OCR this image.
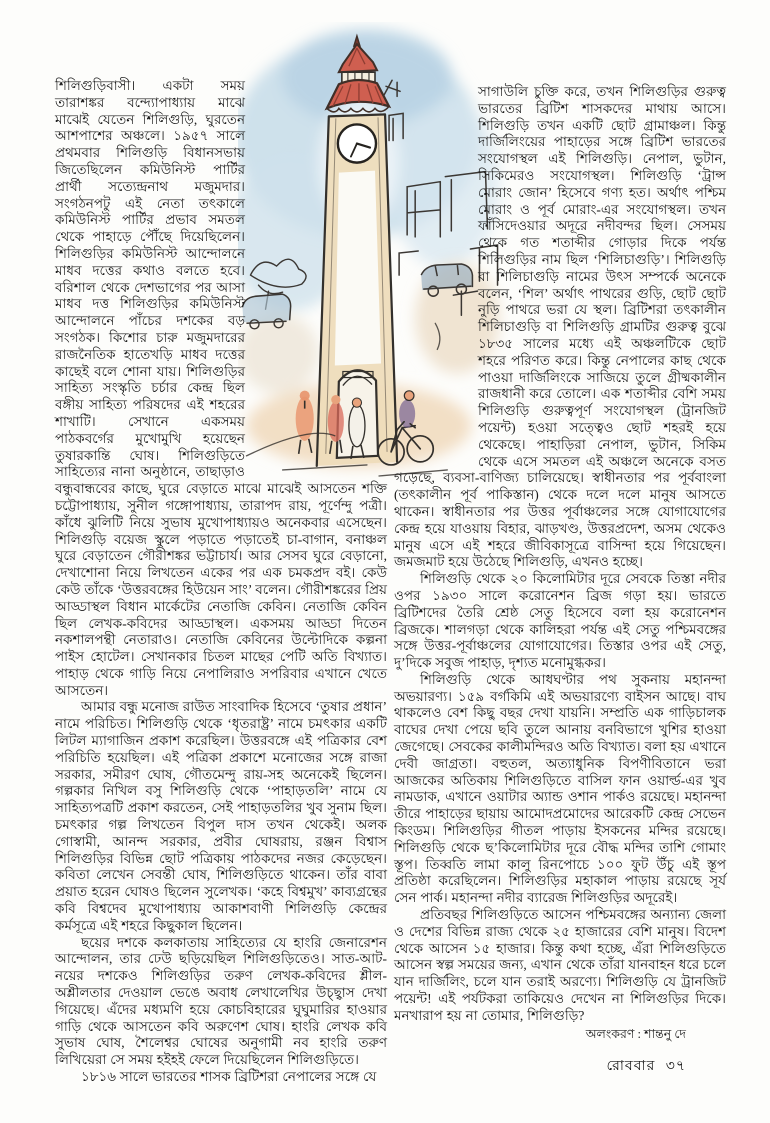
শিলিগুড়িবাসী। একটা সময় তারাশঙ্কর বন্দ্যোপাধ্যায় মাঝে মাঝেই যেতেন শিলিগুড়ি, ঘুরতেন আশপাশের অঞ্চলে। ১৯৫৭ সালে প্রথমবার শিলিগুড়ি বিধানসভায় জিতেছিলেন কমিউনিস্ট পার্টির প্রার্থী সত্যেন্দ্রনাথ মজুমদার। সংগঠনপটু এই নেতা তৎকালে কমিউনিস্ট পার্টির প্রভাব সমতল থেকে পাহাড়ে পৌঁছে দিয়েছিলেন। শিলিগুড়ির কমিউনিস্ট আন্দোলনে মাধব দত্তের কথাও বলতে হবে। বরিশাল থেকে দেশভাগের পর আসা মাধব দত্ত শিলিগুড়ির কমিউনিস্ট আন্দোলনে পাঁচের দশকের বড় সংগঠক। কিশোর চারু মজুমদারের রাজনৈতিক হাতেখড়ি মাধব দত্তের কাছেই বলে শোনা যায়। শিলিগুড়ির সাহিত্য সংস্কৃতি চর্চার কেন্দ্র ছিল বঙ্গীয় সাহিত্য পরিষদের এই শহরের শাখাটি। সেখানে একসময় পাঠকবর্গের মুখোমুখি হয়েছেন তুষারকান্তি ঘোষ। শিলিগুড়িতে সাহিত্যের নানা অনুষ্ঠানে, তাছাড়াও বন্ধুবান্ধবের কাছে, ঘুরে বেড়াতে মাঝে মাঝেই আসতেন শক্তি চট্টোপাধ্যায়, সুনীল গঙ্গোপাধ্যায়, তারাপদ রায়, পূর্ণেন্দু পত্রী। কাঁধে ঝুলিটি নিয়ে সুভাষ মুখোপাধ্যায়ও অনেকবার এসেছেন। শিলিগুড়ি বয়েজ স্কুলে পড়াতে পড়াতেই চা-বাগান, বনাঞ্চল ঘুরে বেড়াতেন গৌরীশঙ্কর ভট্টাচার্য। আর সেসব ঘুরে বেড়ানো, দেখাশোনা নিয়ে লিখতেন একের পর এক চমকপ্রদ বই। কেউ কেউ তাঁকে ‘উত্তরবঙ্গের হিউয়েন সাং’ বলেন। গৌরীশঙ্করের প্রিয় আড্ডাস্থল বিধান মার্কেটের নেতাজি কেবিন। নেতাজি কেবিন ছিল লেখক-কবিদের আড্ডাস্থল। একসময় আড্ডা দিতেন নকশালপন্থী নেতারাও। নেতাজি কেবিনের উল্টোদিকে কল্পনা পাইস হোটেল। সেখানকার চিতল মাছের পেটি অতি বিখ্যাত। পাহাড় থেকে গাড়ি নিয়ে নেপালিরাও সপরিবার এখানে খেতে আসতেন।

আমার বন্ধু মনোজ রাউত সাংবাদিক হিসেবে ‘তুষার প্রধান’ নামে পরিচিত। শিলিগুড়ি থেকে ‘ধৃতরাষ্ট্র’ নামে চমৎকার একটি লিটল ম্যাগাজিন প্রকাশ করেছিল। উত্তরবঙ্গে এই পত্রিকার বেশ পরিচিতি হয়েছিল। এই পত্রিকা প্রকাশে মনোজের সঙ্গে রাজা সরকার, সমীরণ ঘোষ, গৌতমেন্দু রায়-সহ অনেকেই ছিলেন। গল্পকার নিখিল বসু শিলিগুড়ি থেকে ‘পাহাড়তলি’ নামে যে সাহিত্যপত্রটি প্রকাশ করতেন, সেই পাহাড়তলির খুব সুনাম ছিল। চমৎকার গল্প লিখতেন বিপুল দাস তখন থেকেই। অলক গোস্বামী, আনন্দ সরকার, প্রবীর ঘোষরায়, রঞ্জন বিশ্বাস শিলিগুড়ির বিভিন্ন ছোট পত্রিকায় পাঠকদের নজর কেড়েছেন। কবিতা লেখেন সেবন্তী ঘোষ, শিলিগুড়িতে থাকেন। তাঁর বাবা প্রয়াত হরেন ঘোষও ছিলেন সুলেখক। ‘কহে বিশ্বমুখ’ কাব্যগ্রন্থের কবি বিশ্বদেব মুখোপাধ্যায় আকাশবাণী শিলিগুড়ি কেন্দ্রের কর্মসূত্রে এই শহরে কিছুকাল ছিলেন।

ছয়ের দশকে কলকাতায় সাহিত্যের যে হাংরি জেনারেশন আন্দোলন, তার ঢেউ ছড়িয়েছিল শিলিগুড়িতেও। সাত-আট-নয়ের দশকেও শিলিগুড়ির তরুণ লেখক-কবিদের শ্লীল-অশ্লীলতার দেওয়াল ভেঙে অবাধ লেখালেখির উচ্ছ্বাস দেখা গিয়েছে। এঁদের মধ্যমণি হয়ে কোচবিহারের ঘুঘুমারির হাওয়ার গাড়ি থেকে আসতেন কবি অরুণেশ ঘোষ। হাংরি লেখক কবি সুভাষ ঘোষ, শৈলেশ্বর ঘোষের অনুগামী নব হাংরি তরুণ লিখিয়েরা সে সময় হইহই ফেলে দিয়েছিলেন শিলিগুড়িতে।

১৮১৬ সালে ভারতের শাসক ব্রিটিশরা নেপালের সঙ্গে যে

সাগাউলি চুক্তি করে, তখন শিলিগুড়ির গুরুত্ব ভারতের ব্রিটিশ শাসকদের মাথায় আসে। শিলিগুড়ি তখন একটি ছোট গ্রামাঞ্চল। কিন্তু দার্জিলিংয়ের পাহাড়ের সঙ্গে ব্রিটিশ ভারতের সংযোগস্থল এই শিলিগুড়ি। নেপাল, ভুটান, সিকিমেরও সংযোগস্থল। শিলিগুড়ি ‘ট্রান্স মোরাং জোন’ হিসেবে গণ্য হত। অর্থাৎ পশ্চিম মোরাং ও পূর্ব মোরাং-এর সংযোগস্থল। তখন ফাঁসিদেওয়ার অদূরে নদীবন্দর ছিল। সেসময় থেকে গত শতাব্দীর গোড়ার দিকে পর্যন্ত শিলিগুড়ির নাম ছিল ‘শিলিচাগুড়ি’। শিলিগুড়ি বা শিলিচাগুড়ি নামের উৎস সম্পর্কে অনেকে বলেন, ‘শিল’ অর্থাৎ পাথরের গুড়ি, ছোট ছোট নুড়ি পাথরে ভরা যে স্থল। ব্রিটিশরা তৎকালীন শিলিচাগুড়ি বা শিলিগুড়ি গ্রামটির গুরুত্ব বুঝে ১৮৩৫ সালের মধ্যে এই অঞ্চলটিকে ছোট শহরে পরিণত করে। কিন্তু নেপালের কাছ থেকে পাওয়া দার্জিলিংকে সাজিয়ে তুলে গ্রীষ্মকালীন রাজধানী করে তোলে। এক শতাব্দীর বেশি সময় শিলিগুড়ি গুরুত্বপূর্ণ সংযোগস্থল (ট্রানজিট পয়েন্ট) হওয়া সত্ত্বেও ছোট শহরই হয়ে থেকেছে। পাহাড়িরা নেপাল, ভুটান, সিকিম থেকে এসে সমতল এই অঞ্চলে অনেকে বসত গড়েছে, ব্যবসা-বাণিজ্য চালিয়েছে। স্বাধীনতার পর পূর্ববাংলা (তৎকালীন পূর্ব পাকিস্তান) থেকে দলে দলে মানুষ আসতে থাকেন। স্বাধীনতার পর উত্তর পূর্বাঞ্চলের সঙ্গে যোগাযোগের কেন্দ্র হয়ে যাওয়ায় বিহার, ঝাড়খণ্ড, উত্তরপ্রদেশ, অসম থেকেও মানুষ এসে এই শহরে জীবিকাসূত্রে বাসিন্দা হয়ে গিয়েছেন। জমজমাট হয়ে উঠেছে শিলিগুড়ি, এখনও হচ্ছে।

শিলিগুড়ি থেকে ২০ কিলোমিটার দূরে সেবকে তিস্তা নদীর ওপর ১৯৩০ সালে করোনেশন ব্রিজ গড়া হয়। ভারতে ব্রিটিশদের তৈরি শ্রেষ্ঠ সেতু হিসেবে বলা হয় করোনেশন ব্রিজকে। শালগড়া থেকে কালিহরা পর্যন্ত এই সেতু পশ্চিমবঙ্গের সঙ্গে উত্তর-পূর্বাঞ্চলের যোগাযোগের। তিস্তার ওপর এই সেতু, দু’দিকে সবুজ পাহাড়, দৃশ্যত মনোমুগ্ধকর।

শিলিগুড়ি থেকে আধঘণ্টার পথ সুকনায় মহানন্দা অভয়ারণ্য। ১৫৯ বর্গকিমি এই অভয়ারণ্যে বাইসন আছে। বাঘ থাকলেও বেশ কিছু বছর দেখা যায়নি। সম্প্রতি এক গাড়িচালক বাঘের দেখা পেয়ে ছবি তুলে আনায় বনবিভাগে খুশির হাওয়া জেগেছে। সেবকের কালীমন্দিরও অতি বিখ্যাত। বলা হয় এখানে দেবী জাগ্রতা। বহুতল, অত্যাধুনিক বিপণীবিতানে ভরা আজকের অতিকায় শিলিগুড়িতে বাসিল ফান ওয়ার্ল্ড-এর খুব নামডাক, এখানে ওয়াটার অ্যান্ড ওশান পার্কও রয়েছে। মহানন্দা তীরে পাহাড়ের ছায়ায় আমোদপ্রমোদের আরেকটি কেন্দ্র সেভেন কিংডম। শিলিগুড়ির গীতল পাড়ায় ইসকনের মন্দির রয়েছে। শিলিগুড়ি থেকে ছ’কিলোমিটার দূরে বৌদ্ধ মন্দির তাশি গোমাং স্তূপ। তিব্বতি লামা কালু রিনপোচে ১০০ ফুট উঁচু এই স্তূপ প্রতিষ্ঠা করেছিলেন। শিলিগুড়ির মহাকাল পাড়ায় রয়েছে সূর্য সেন পার্ক। মহানন্দা নদীর ব্যারেজ শিলিগুড়ির অদূরেই।

প্রতিবছর শিলিগুড়িতে আসেন পশ্চিমবঙ্গের অন্যান্য জেলা ও দেশের বিভিন্ন রাজ্য থেকে ২৫ হাজারের বেশি মানুষ। বিদেশ থেকে আসেন ১৫ হাজার। কিন্তু কথা হচ্ছে, এঁরা শিলিগুড়িতে আসেন স্বল্প সময়ের জন্য, এখান থেকে তাঁরা যানবাহন ধরে চলে যান দার্জিলিং, চলে যান তরাই অরণ্যে। শিলিগুড়ি যে ট্রানজিট পয়েন্ট! এই পর্যটকরা তাকিয়েও দেখেন না শিলিগুড়ির দিকে। মনখারাপ হয় না তোমার, শিলিগুড়ি?

অলংকরণ : শান্তনু দে
রোববার ৩৭
